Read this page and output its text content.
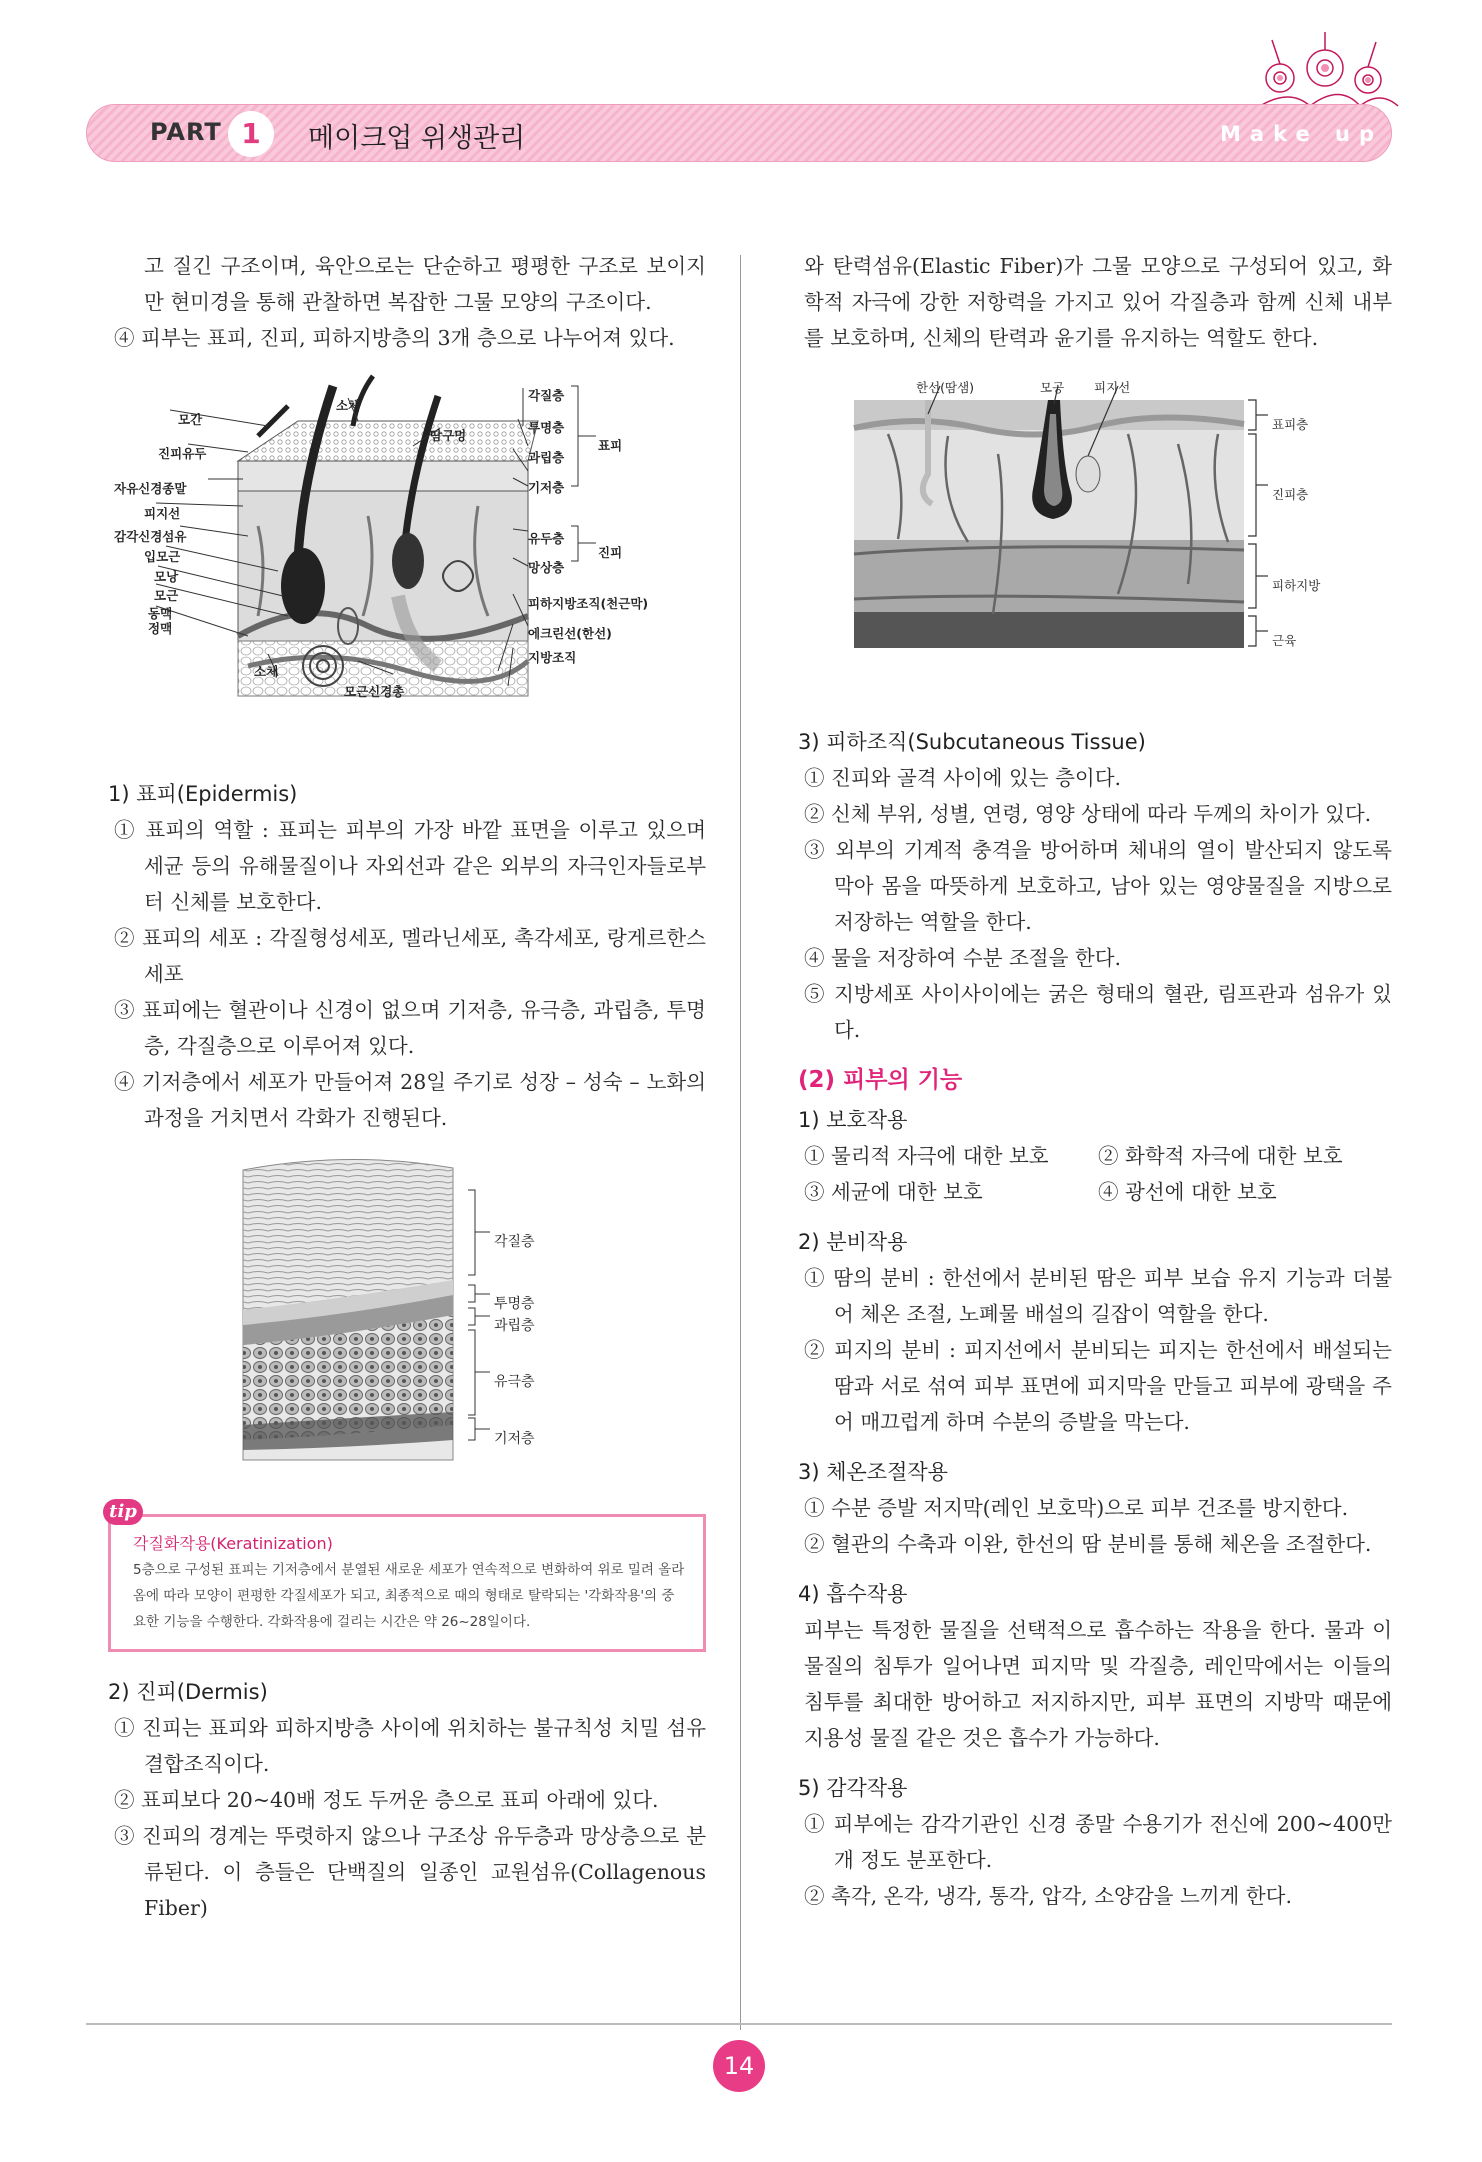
PART 1	메이크업 위생관리	Make up

고 질긴 구조이며, 육안으로는 단순하고 평평한 구조로 보이지만 현미경을 통해 관찰하면 복잡한 그물 모양의 구조이다.

④ 피부는 표피, 진피, 피하지방층의 3개 층으로 나누어져 있다.

모간
진피유두
자유신경종말
피지선
감각신경섬유
입모근
모낭
모근
동맥
정맥
소체
모근신경총
소체
땀구멍
각질층
투명층
과립층
기저층
유두층
망상층
피하지방조직(천근막)
에크린선(한선)
지방조직
표피
진피

1) 표피(Epidermis)

① 표피의 역할 : 표피는 피부의 가장 바깥 표면을 이루고 있으며 세균 등의 유해물질이나 자외선과 같은 외부의 자극인자들로부터 신체를 보호한다.

② 표피의 세포 : 각질형성세포, 멜라닌세포, 촉각세포, 랑게르한스세포

③ 표피에는 혈관이나 신경이 없으며 기저층, 유극층, 과립층, 투명층, 각질층으로 이루어져 있다.

④ 기저층에서 세포가 만들어져 28일 주기로 성장 – 성숙 – 노화의 과정을 거치면서 각화가 진행된다.

각질층
투명층
과립층
유극층
기저층
tip

각질화작용(Keratinization)

5층으로 구성된 표피는 기저층에서 분열된 새로운 세포가 연속적으로 변화하여 위로 밀려 올라옴에 따라 모양이 편평한 각질세포가 되고, 최종적으로 때의 형태로 탈락되는 '각화작용'의 중요한 기능을 수행한다. 각화작용에 걸리는 시간은 약 26~28일이다.

2) 진피(Dermis)

① 진피는 표피와 피하지방층 사이에 위치하는 불규칙성 치밀 섬유 결합조직이다.

② 표피보다 20~40배 정도 두꺼운 층으로 표피 아래에 있다.

③ 진피의 경계는 뚜렷하지 않으나 구조상 유두층과 망상층으로 분류된다. 이 층들은 단백질의 일종인 교원섬유(Collagenous Fiber)

와 탄력섬유(Elastic Fiber)가 그물 모양으로 구성되어 있고, 화학적 자극에 강한 저항력을 가지고 있어 각질층과 함께 신체 내부를 보호하며, 신체의 탄력과 윤기를 유지하는 역할도 한다.

한선(땀샘)	모공 피지선
표피층
진피층
피하지방
근육

3) 피하조직(Subcutaneous Tissue)

① 진피와 골격 사이에 있는 층이다.

② 신체 부위, 성별, 연령, 영양 상태에 따라 두께의 차이가 있다.

③ 외부의 기계적 충격을 방어하며 체내의 열이 발산되지 않도록 막아 몸을 따뜻하게 보호하고, 남아 있는 영양물질을 지방으로 저장하는 역할을 한다.

④ 물을 저장하여 수분 조절을 한다.

⑤ 지방세포 사이사이에는 굵은 형태의 혈관, 림프관과 섬유가 있다.

(2) 피부의 기능

1) 보호작용

① 물리적 자극에 대한 보호	② 화학적 자극에 대한 보호
③ 세균에 대한 보호	④ 광선에 대한 보호

2) 분비작용

① 땀의 분비 : 한선에서 분비된 땀은 피부 보습 유지 기능과 더불어 체온 조절, 노폐물 배설의 길잡이 역할을 한다.

② 피지의 분비 : 피지선에서 분비되는 피지는 한선에서 배설되는 땀과 서로 섞여 피부 표면에 피지막을 만들고 피부에 광택을 주어 매끄럽게 하며 수분의 증발을 막는다.

3) 체온조절작용

① 수분 증발 저지막(레인 보호막)으로 피부 건조를 방지한다.

② 혈관의 수축과 이완, 한선의 땀 분비를 통해 체온을 조절한다.

4) 흡수작용

피부는 특정한 물질을 선택적으로 흡수하는 작용을 한다. 물과 이 물질의 침투가 일어나면 피지막 및 각질층, 레인막에서는 이들의 침투를 최대한 방어하고 저지하지만, 피부 표면의 지방막 때문에 지용성 물질 같은 것은 흡수가 가능하다.

5) 감각작용

① 피부에는 감각기관인 신경 종말 수용기가 전신에 200~400만 개 정도 분포한다.

② 촉각, 온각, 냉각, 통각, 압각, 소양감을 느끼게 한다.

14
